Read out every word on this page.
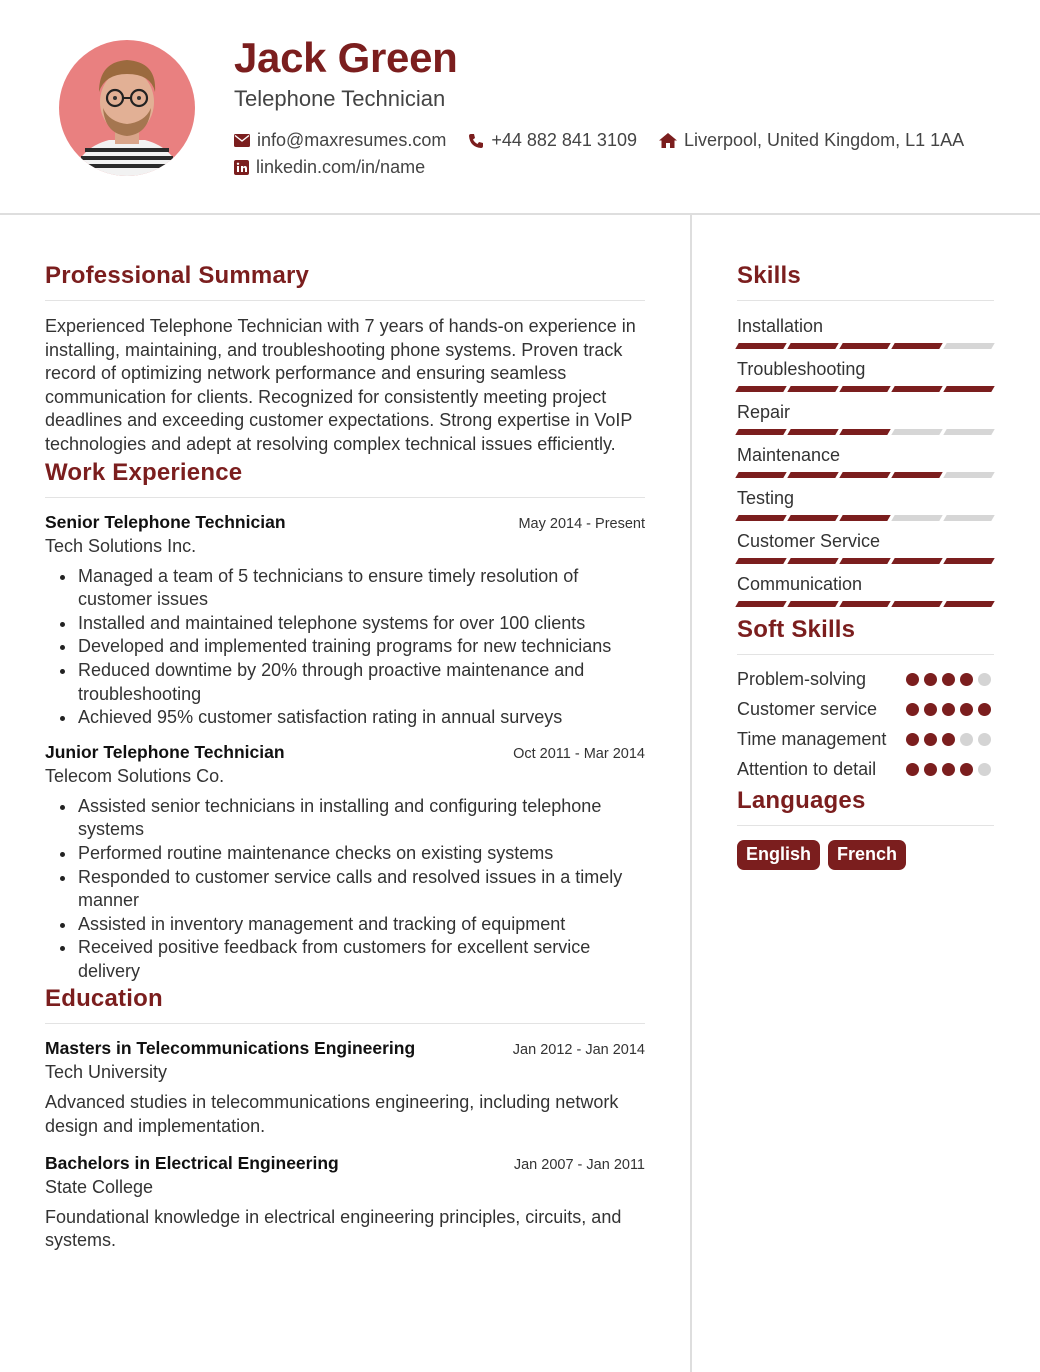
Jack Green
Telephone Technician
info@maxresumes.com	+44 882 841 3109	Liverpool, United Kingdom, L1 1AA
linkedin.com/in/name
Professional Summary
Experienced Telephone Technician with 7 years of hands-on experience in installing, maintaining, and troubleshooting phone systems. Proven track record of optimizing network performance and ensuring seamless communication for clients. Recognized for consistently meeting project deadlines and exceeding customer expectations. Strong expertise in VoIP technologies and adept at resolving complex technical issues efficiently.
Work Experience
Senior Telephone Technician	May 2014 - Present
Tech Solutions Inc.
Managed a team of 5 technicians to ensure timely resolution of customer issues
Installed and maintained telephone systems for over 100 clients
Developed and implemented training programs for new technicians
Reduced downtime by 20% through proactive maintenance and troubleshooting
Achieved 95% customer satisfaction rating in annual surveys
Junior Telephone Technician	Oct 2011 - Mar 2014
Telecom Solutions Co.
Assisted senior technicians in installing and configuring telephone systems
Performed routine maintenance checks on existing systems
Responded to customer service calls and resolved issues in a timely manner
Assisted in inventory management and tracking of equipment
Received positive feedback from customers for excellent service delivery
Education
Masters in Telecommunications Engineering	Jan 2012 - Jan 2014
Tech University
Advanced studies in telecommunications engineering, including network design and implementation.
Bachelors in Electrical Engineering	Jan 2007 - Jan 2011
State College
Foundational knowledge in electrical engineering principles, circuits, and systems.
Skills
Installation
Troubleshooting
Repair
Maintenance
Testing
Customer Service
Communication
Soft Skills
Problem-solving
Customer service
Time management
Attention to detail
Languages
English	French
